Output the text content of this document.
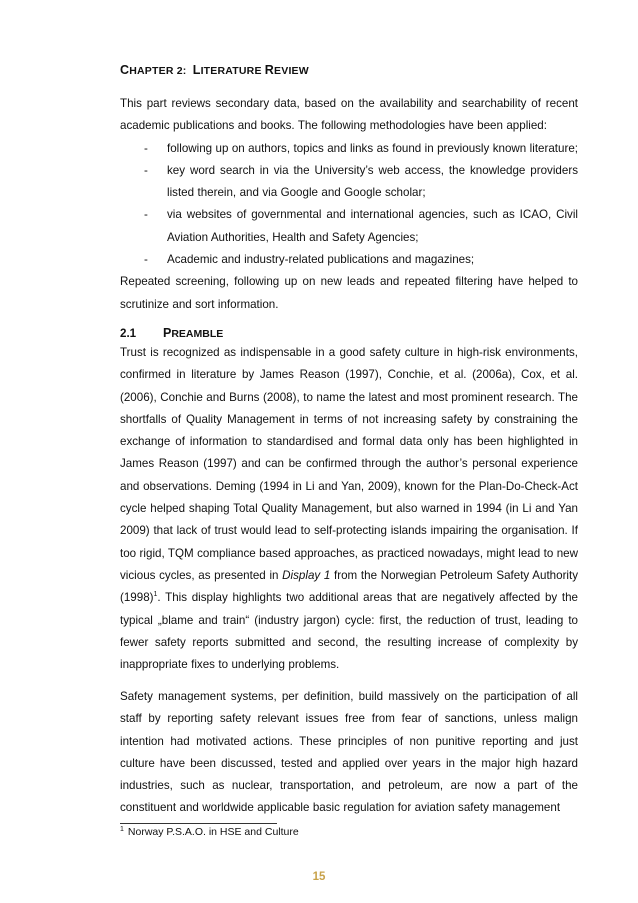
CHAPTER 2: LITERATURE REVIEW

This part reviews secondary data, based on the availability and searchability of recent academic publications and books. The following methodologies have been applied:

- following up on authors, topics and links as found in previously known literature;
- key word search in via the University’s web access, the knowledge providers listed therein, and via Google and Google scholar;
- via websites of governmental and international agencies, such as ICAO, Civil Aviation Authorities, Health and Safety Agencies;
- Academic and industry-related publications and magazines;

Repeated screening, following up on new leads and repeated filtering have helped to scrutinize and sort information.

2.1 PREAMBLE

Trust is recognized as indispensable in a good safety culture in high-risk environments, confirmed in literature by James Reason (1997), Conchie, et al. (2006a), Cox, et al. (2006), Conchie and Burns (2008), to name the latest and most prominent research. The shortfalls of Quality Management in terms of not increasing safety by constraining the exchange of information to standardised and formal data only has been highlighted in James Reason (1997) and can be confirmed through the author’s personal experience and observations. Deming (1994 in Li and Yan, 2009), known for the Plan-Do-Check-Act cycle helped shaping Total Quality Management, but also warned in 1994 (in Li and Yan 2009) that lack of trust would lead to self-protecting islands impairing the organisation. If too rigid, TQM compliance based approaches, as practiced nowadays, might lead to new vicious cycles, as presented in Display 1 from the Norwegian Petroleum Safety Authority $(1998)^1$. This display highlights two additional areas that are negatively affected by the typical „blame and train“ (industry jargon) cycle: first, the reduction of trust, leading to fewer safety reports submitted and second, the resulting increase of complexity by inappropriate fixes to underlying problems.

Safety management systems, per definition, build massively on the participation of all staff by reporting safety relevant issues free from fear of sanctions, unless malign intention had motivated actions. These principles of non punitive reporting and just culture have been discussed, tested and applied over years in the major high hazard industries, such as nuclear, transportation, and petroleum, are now a part of the constituent and worldwide applicable basic regulation for aviation safety management

$^1$ Norway P.S.A.O. in HSE and Culture

15
